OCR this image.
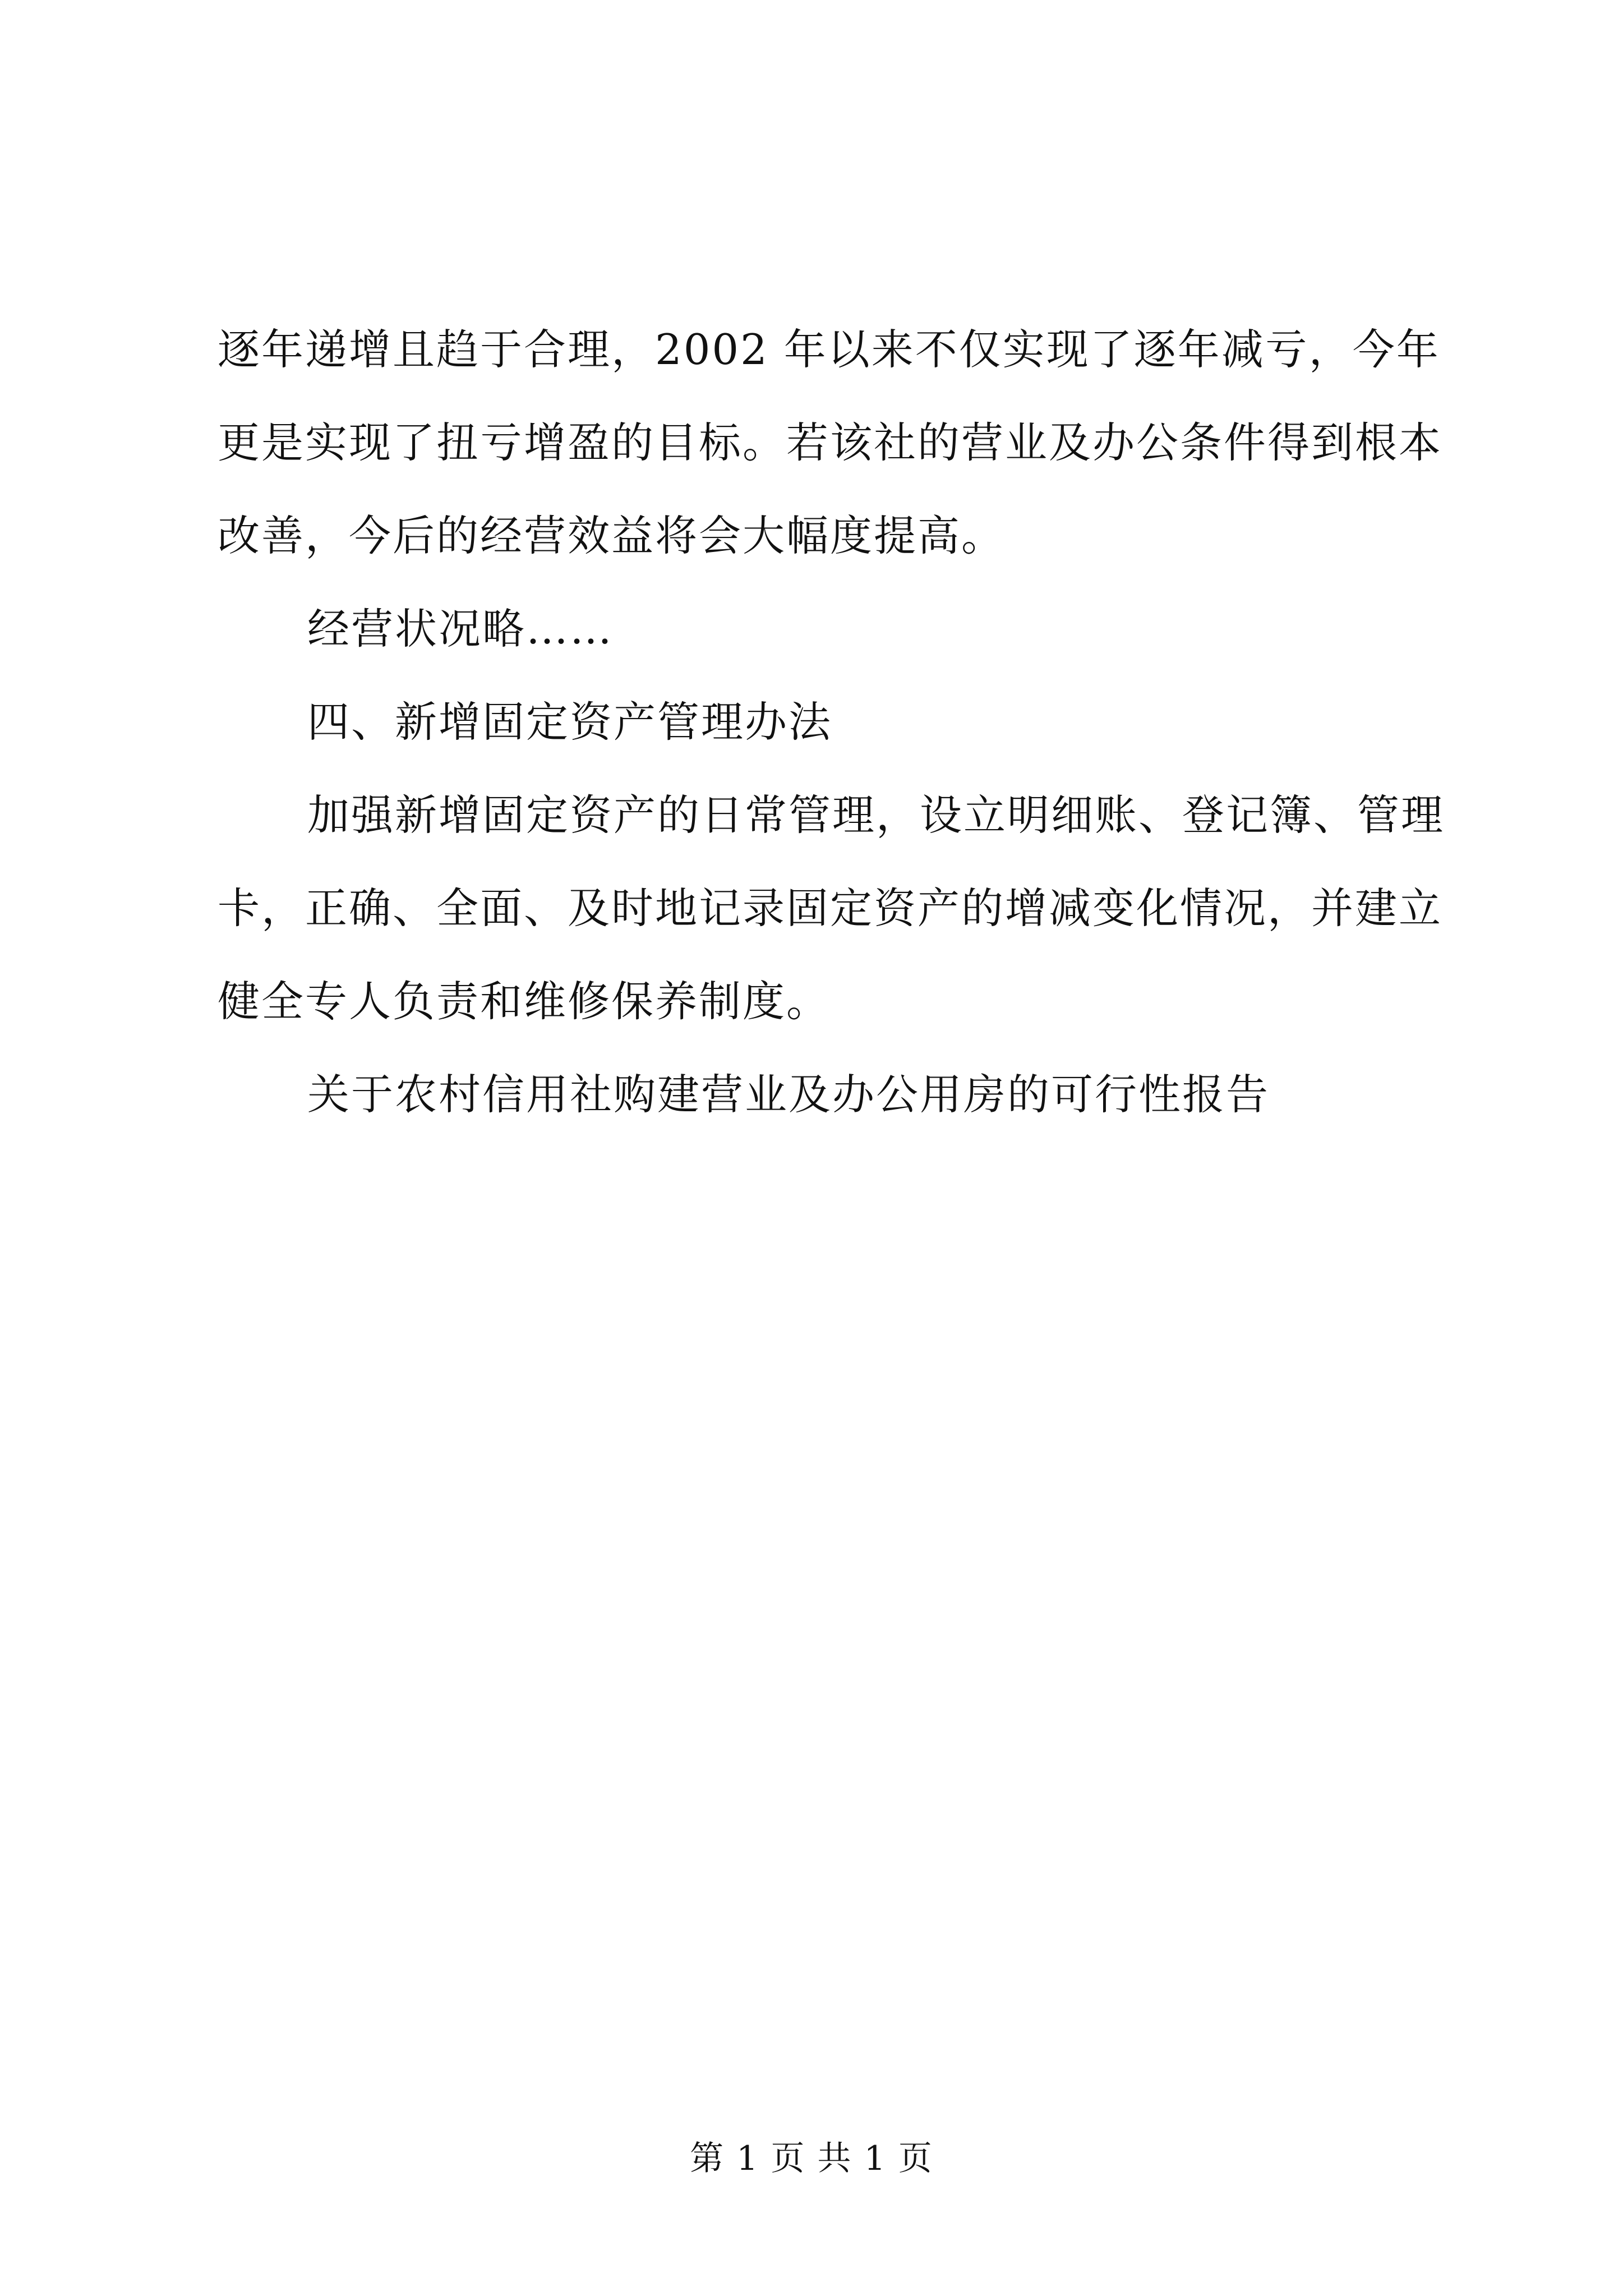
逐年递增且趋于合理，2002 年以来不仅实现了逐年减亏，今年
更是实现了扭亏增盈的目标。若该社的营业及办公条件得到根本
改善，今后的经营效益将会大幅度提高。
经营状况略……
四、新增固定资产管理办法
加强新增固定资产的日常管理，设立明细账、登记簿、管理
卡，正确、全面、及时地记录固定资产的增减变化情况，并建立
健全专人负责和维修保养制度。
关于农村信用社购建营业及办公用房的可行性报告
第 1 页 共 1 页
